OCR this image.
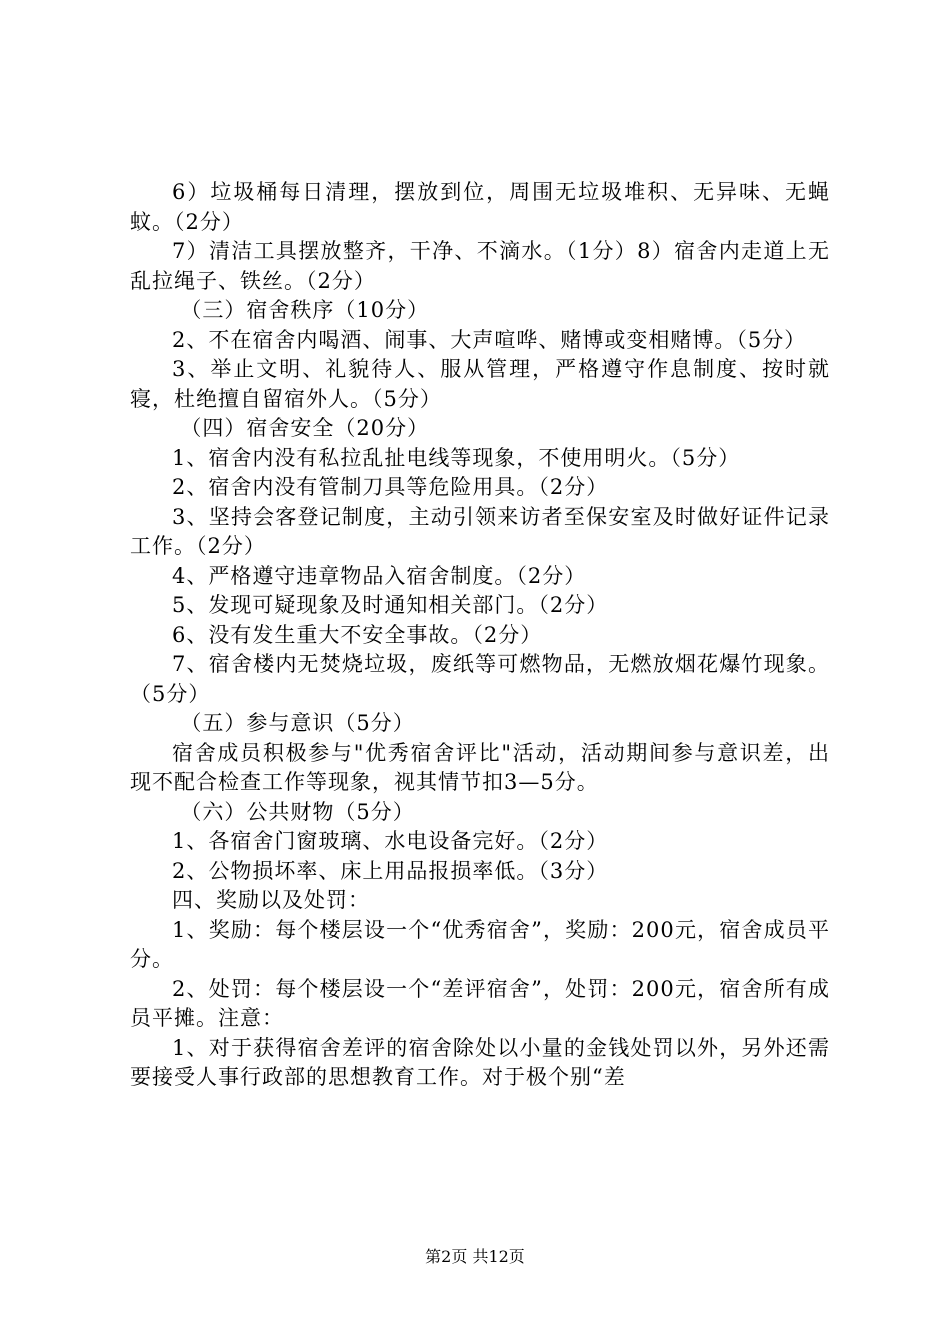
6）垃圾桶每日清理，摆放到位，周围无垃圾堆积、无异味、无蝇蚊。（2分）

7）清洁工具摆放整齐，干净、不滴水。（1分）8）宿舍内走道上无乱拉绳子、铁丝。（2分）

（三）宿舍秩序（10分）

2、不在宿舍内喝酒、闹事、大声喧哗、赌博或变相赌博。（5分）

3、举止文明、礼貌待人、服从管理，严格遵守作息制度、按时就寝，杜绝擅自留宿外人。（5分）

（四）宿舍安全（20分）

1、宿舍内没有私拉乱扯电线等现象，不使用明火。（5分）

2、宿舍内没有管制刀具等危险用具。（2分）

3、坚持会客登记制度，主动引领来访者至保安室及时做好证件记录工作。（2分）

4、严格遵守违章物品入宿舍制度。（2分）

5、发现可疑现象及时通知相关部门。（2分）

6、没有发生重大不安全事故。（2分）

7、宿舍楼内无焚烧垃圾，废纸等可燃物品，无燃放烟花爆竹现象。（5分）

（五）参与意识（5分）

宿舍成员积极参与"优秀宿舍评比"活动，活动期间参与意识差，出现不配合检查工作等现象，视其情节扣3—5分。

（六）公共财物（5分）

1、各宿舍门窗玻璃、水电设备完好。（2分）

2、公物损坏率、床上用品报损率低。（3分）

四、奖励以及处罚：

1、奖励：每个楼层设一个“优秀宿舍”，奖励：200元，宿舍成员平分。

2、处罚：每个楼层设一个“差评宿舍”，处罚：200元，宿舍所有成员平摊。注意：

1、对于获得宿舍差评的宿舍除处以小量的金钱处罚以外，另外还需要接受人事行政部的思想教育工作。对于极个别“差

第2页 共12页
